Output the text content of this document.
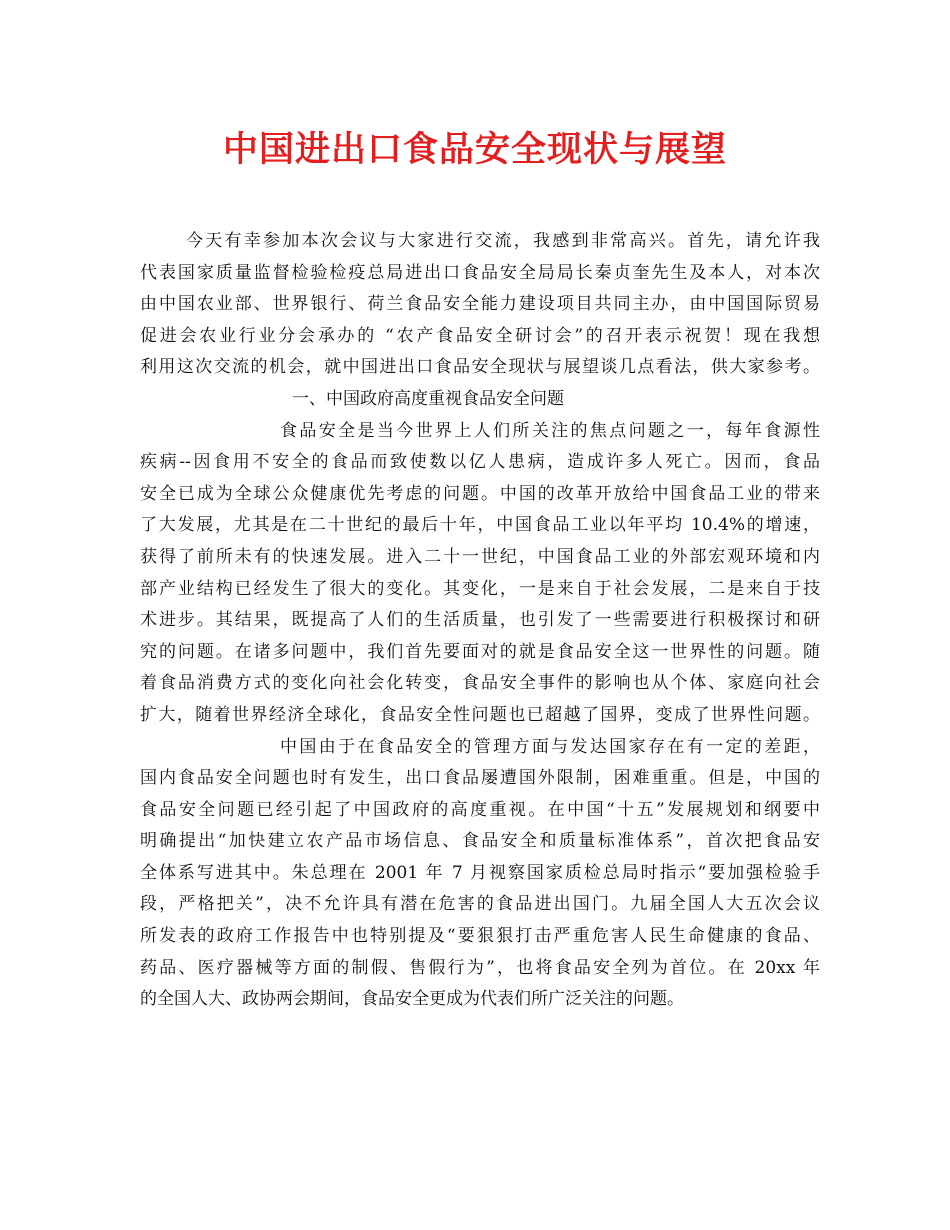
中国进出口食品安全现状与展望
今天有幸参加本次会议与大家进行交流，我感到非常高兴。首先，请允许我
代表国家质量监督检验检疫总局进出口食品安全局局长秦贞奎先生及本人，对本次
由中国农业部、世界银行、荷兰食品安全能力建设项目共同主办，由中国国际贸易
促进会农业行业分会承办的 “农产食品安全研讨会”的召开表示祝贺！现在我想
利用这次交流的机会，就中国进出口食品安全现状与展望谈几点看法，供大家参考。
一、中国政府高度重视食品安全问题
食品安全是当今世界上人们所关注的焦点问题之一，每年食源性
疾病--因食用不安全的食品而致使数以亿人患病，造成许多人死亡。因而，食品
安全已成为全球公众健康优先考虑的问题。中国的改革开放给中国食品工业的带来
了大发展，尤其是在二十世纪的最后十年，中国食品工业以年平均 10.4%的增速，
获得了前所未有的快速发展。进入二十一世纪，中国食品工业的外部宏观环境和内
部产业结构已经发生了很大的变化。其变化，一是来自于社会发展，二是来自于技
术进步。其结果，既提高了人们的生活质量，也引发了一些需要进行积极探讨和研
究的问题。在诸多问题中，我们首先要面对的就是食品安全这一世界性的问题。随
着食品消费方式的变化向社会化转变，食品安全事件的影响也从个体、家庭向社会
扩大，随着世界经济全球化，食品安全性问题也已超越了国界，变成了世界性问题。
中国由于在食品安全的管理方面与发达国家存在有一定的差距，
国内食品安全问题也时有发生，出口食品屡遭国外限制，困难重重。但是，中国的
食品安全问题已经引起了中国政府的高度重视。在中国“十五”发展规划和纲要中
明确提出“加快建立农产品市场信息、食品安全和质量标准体系”，首次把食品安
全体系写进其中。朱总理在 2001 年 7 月视察国家质检总局时指示“要加强检验手
段，严格把关”，决不允许具有潜在危害的食品进出国门。九届全国人大五次会议
所发表的政府工作报告中也特别提及“要狠狠打击严重危害人民生命健康的食品、
药品、医疗器械等方面的制假、售假行为”，也将食品安全列为首位。在 20xx 年
的全国人大、政协两会期间，食品安全更成为代表们所广泛关注的问题。
